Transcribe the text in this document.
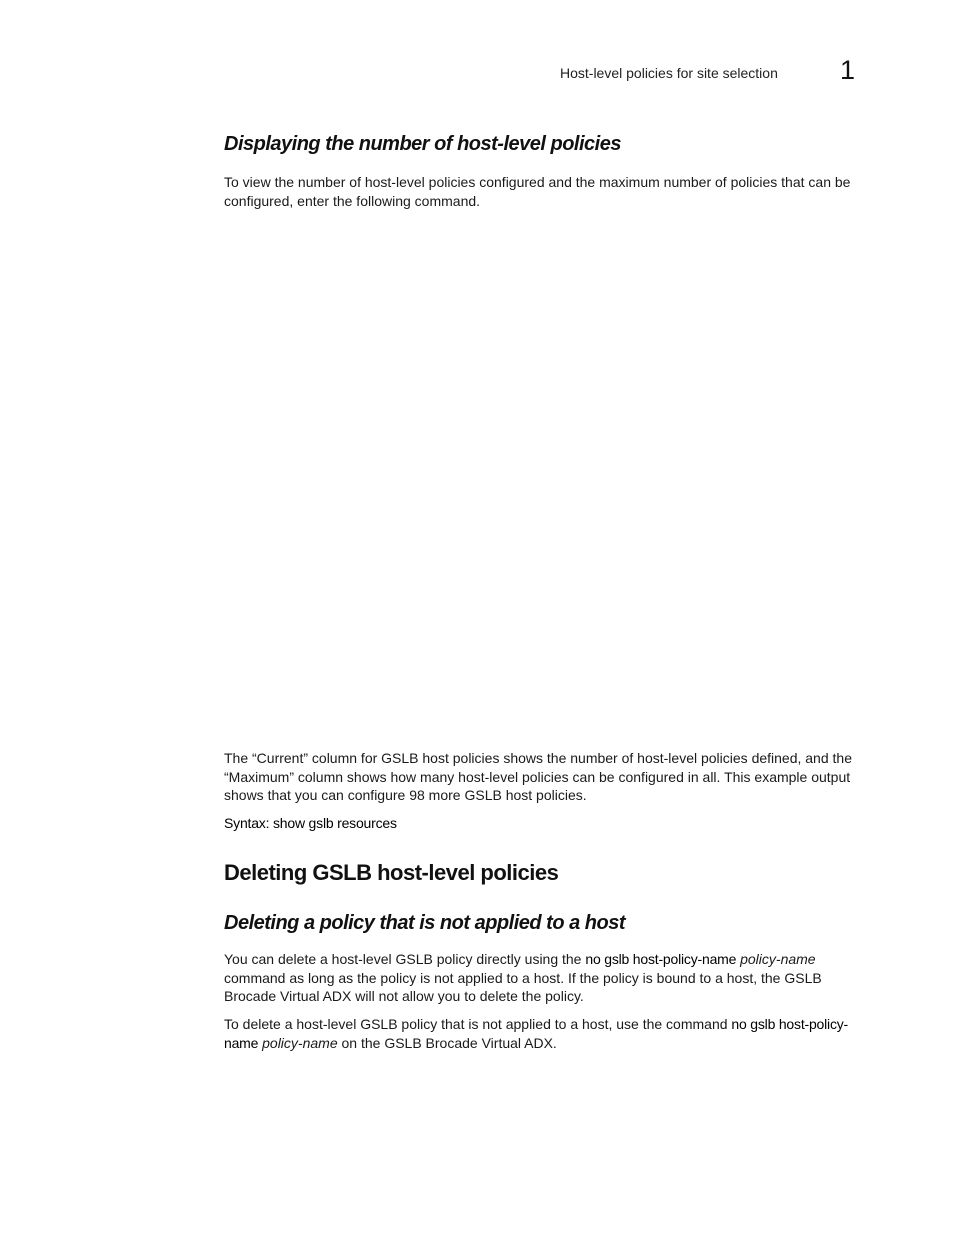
Host-level policies for site selection 1
Displaying the number of host-level policies

To view the number of host-level policies configured and the maximum number of policies that can be configured, enter the following command.

The “Current” column for GSLB host policies shows the number of host-level policies defined, and the “Maximum” column shows how many host-level policies can be configured in all. This example output shows that you can configure 98 more GSLB host policies.

Syntax: show gslb resources
Deleting GSLB host-level policies
Deleting a policy that is not applied to a host

You can delete a host-level GSLB policy directly using the no gslb host-policy-name policy-name command as long as the policy is not applied to a host. If the policy is bound to a host, the GSLB Brocade Virtual ADX will not allow you to delete the policy.

To delete a host-level GSLB policy that is not applied to a host, use the command no gslb host-policy-name policy-name on the GSLB Brocade Virtual ADX.
